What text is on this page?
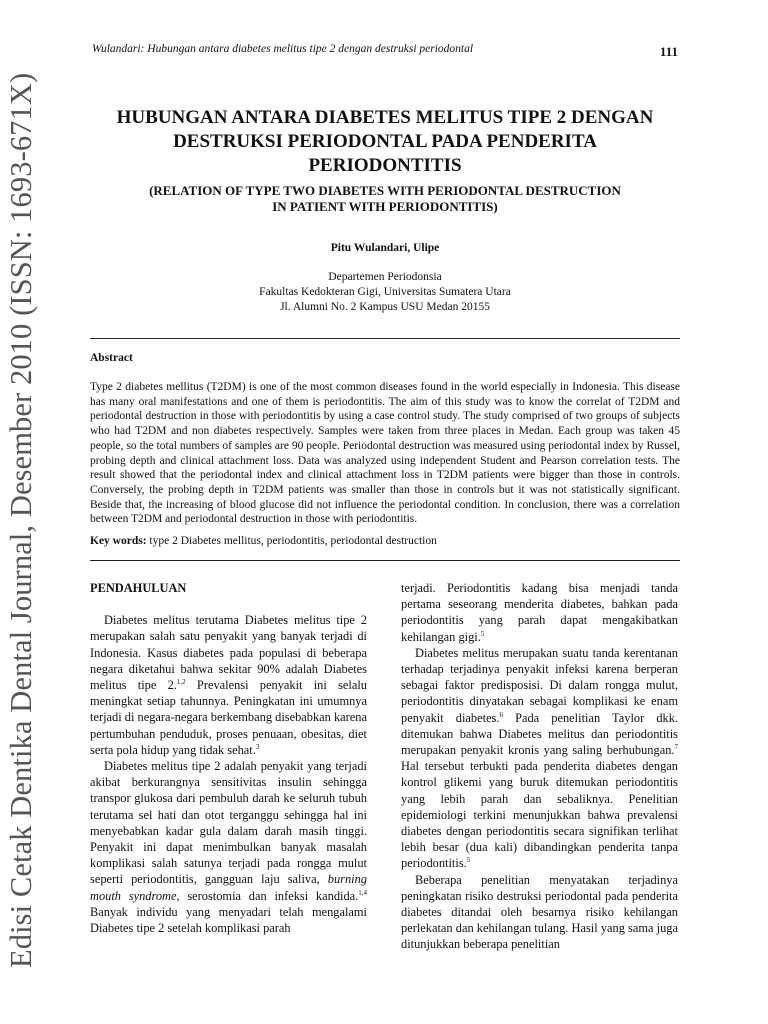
Edisi Cetak Dentika Dental Journal, Desember 2010 (ISSN: 1693-671X)
Wulandari: Hubungan antara diabetes melitus tipe 2 dengan destruksi periodontal	111
HUBUNGAN ANTARA DIABETES MELITUS TIPE 2 DENGAN
DESTRUKSI PERIODONTAL PADA PENDERITA
PERIODONTITIS
(RELATION OF TYPE TWO DIABETES WITH PERIODONTAL DESTRUCTION
IN PATIENT WITH PERIODONTITIS)
Pitu Wulandari, Ulipe
Departemen Periodonsia
Fakultas Kedokteran Gigi, Universitas Sumatera Utara
Jl. Alumni No. 2 Kampus USU Medan 20155
Abstract

Type 2 diabetes mellitus (T2DM) is one of the most common diseases found in the world especially in Indonesia. This disease has many oral manifestations and one of them is periodontitis. The aim of this study was to know the correlat of T2DM and periodontal destruction in those with periodontitis by using a case control study. The study comprised of two groups of subjects who had T2DM and non diabetes respectively. Samples were taken from three places in Medan. Each group was taken 45 people, so the total numbers of samples are 90 people. Periodontal destruction was measured using periodontal index by Russel, probing depth and clinical attachment loss. Data was analyzed using independent Student and Pearson correlation tests. The result showed that the periodontal index and clinical attachment loss in T2DM patients were bigger than those in controls. Conversely, the probing depth in T2DM patients was smaller than those in controls but it was not statistically significant. Beside that, the increasing of blood glucose did not influence the periodontal condition. In conclusion, there was a correlation between T2DM and periodontal destruction in those with periodontitis.

Key words: type 2 Diabetes mellitus, periodontitis, periodontal destruction
PENDAHULUAN

Diabetes melitus terutama Diabetes melitus tipe 2 merupakan salah satu penyakit yang banyak terjadi di Indonesia. Kasus diabetes pada populasi di beberapa negara diketahui bahwa sekitar 90% adalah Diabetes melitus tipe 2.$^{1,2}$ Prevalensi penyakit ini selalu meningkat setiap tahunnya. Peningkatan ini umumnya terjadi di negara-negara berkembang disebabkan karena pertumbuhan penduduk, proses penuaan, obesitas, diet serta pola hidup yang tidak sehat.$^3$

Diabetes melitus tipe 2 adalah penyakit yang terjadi akibat berkurangnya sensitivitas insulin sehingga transpor glukosa dari pembuluh darah ke seluruh tubuh terutama sel hati dan otot terganggu sehingga hal ini menyebabkan kadar gula dalam darah masih tinggi. Penyakit ini dapat menimbulkan banyak masalah komplikasi salah satunya terjadi pada rongga mulut seperti periodontitis, gangguan laju saliva, burning mouth syndrome, serostomia dan infeksi kandida.$^{1,4}$ Banyak individu yang menyadari telah mengalami Diabetes tipe 2 setelah komplikasi parah

terjadi. Periodontitis kadang bisa menjadi tanda pertama seseorang menderita diabetes, bahkan pada periodontitis yang parah dapat mengakibatkan kehilangan gigi.$^5$

Diabetes melitus merupakan suatu tanda kerentanan terhadap terjadinya penyakit infeksi karena berperan sebagai faktor predisposisi. Di dalam rongga mulut, periodontitis dinyatakan sebagai komplikasi ke enam penyakit diabetes.$^6$ Pada penelitian Taylor dkk. ditemukan bahwa Diabetes melitus dan periodontitis merupakan penyakit kronis yang saling berhubungan.$^7$ Hal tersebut terbukti pada penderita diabetes dengan kontrol glikemi yang buruk ditemukan periodontitis yang lebih parah dan sebaliknya. Penelitian epidemiologi terkini menunjukkan bahwa prevalensi diabetes dengan periodontitis secara signifikan terlihat lebih besar (dua kali) dibandingkan penderita tanpa periodontitis.$^5$

Beberapa penelitian menyatakan terjadinya peningkatan risiko destruksi periodontal pada penderita diabetes ditandai oleh besarnya risiko kehilangan perlekatan dan kehilangan tulang. Hasil yang sama juga ditunjukkan beberapa penelitian
